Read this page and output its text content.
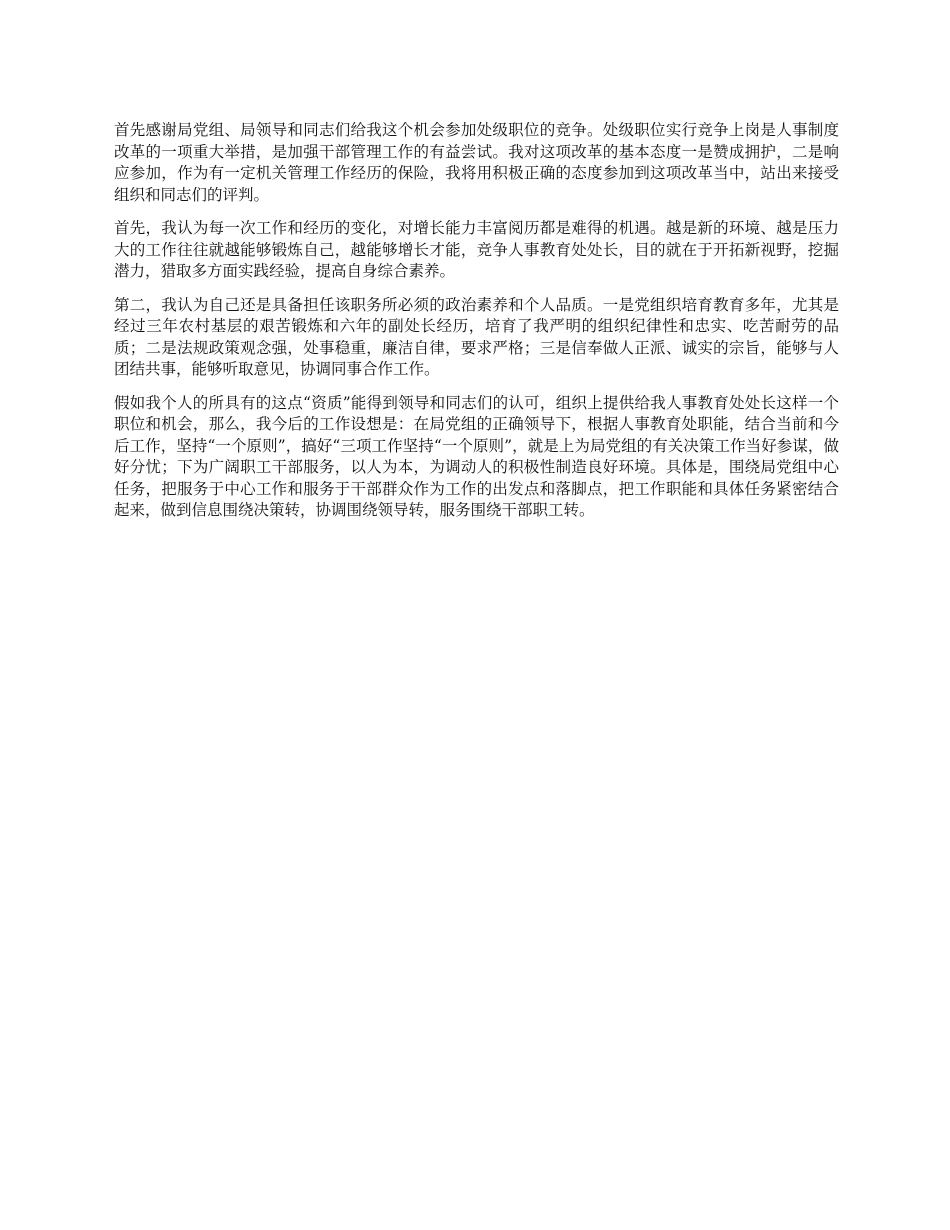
首先感谢局党组、局领导和同志们给我这个机会参加处级职位的竞争。处级职位实行竞争上岗是人事制度改革的一项重大举措，是加强干部管理工作的有益尝试。我对这项改革的基本态度一是赞成拥护，二是响应参加，作为有一定机关管理工作经历的保险，我将用积极正确的态度参加到这项改革当中，站出来接受组织和同志们的评判。

首先，我认为每一次工作和经历的变化，对增长能力丰富阅历都是难得的机遇。越是新的环境、越是压力大的工作往往就越能够锻炼自己，越能够增长才能，竞争人事教育处处长，目的就在于开拓新视野，挖掘潜力，猎取多方面实践经验，提高自身综合素养。

第二，我认为自己还是具备担任该职务所必须的政治素养和个人品质。一是党组织培育教育多年，尤其是经过三年农村基层的艰苦锻炼和六年的副处长经历，培育了我严明的组织纪律性和忠实、吃苦耐劳的品质；二是法规政策观念强，处事稳重，廉洁自律，要求严格；三是信奉做人正派、诚实的宗旨，能够与人团结共事，能够听取意见，协调同事合作工作。

假如我个人的所具有的这点“资质”能得到领导和同志们的认可，组织上提供给我人事教育处处长这样一个职位和机会，那么，我今后的工作设想是：在局党组的正确领导下，根据人事教育处职能，结合当前和今后工作，坚持“一个原则”，搞好“三项工作坚持“一个原则”，就是上为局党组的有关决策工作当好参谋，做好分忧；下为广阔职工干部服务，以人为本，为调动人的积极性制造良好环境。具体是，围绕局党组中心任务，把服务于中心工作和服务于干部群众作为工作的出发点和落脚点，把工作职能和具体任务紧密结合起来，做到信息围绕决策转，协调围绕领导转，服务围绕干部职工转。
